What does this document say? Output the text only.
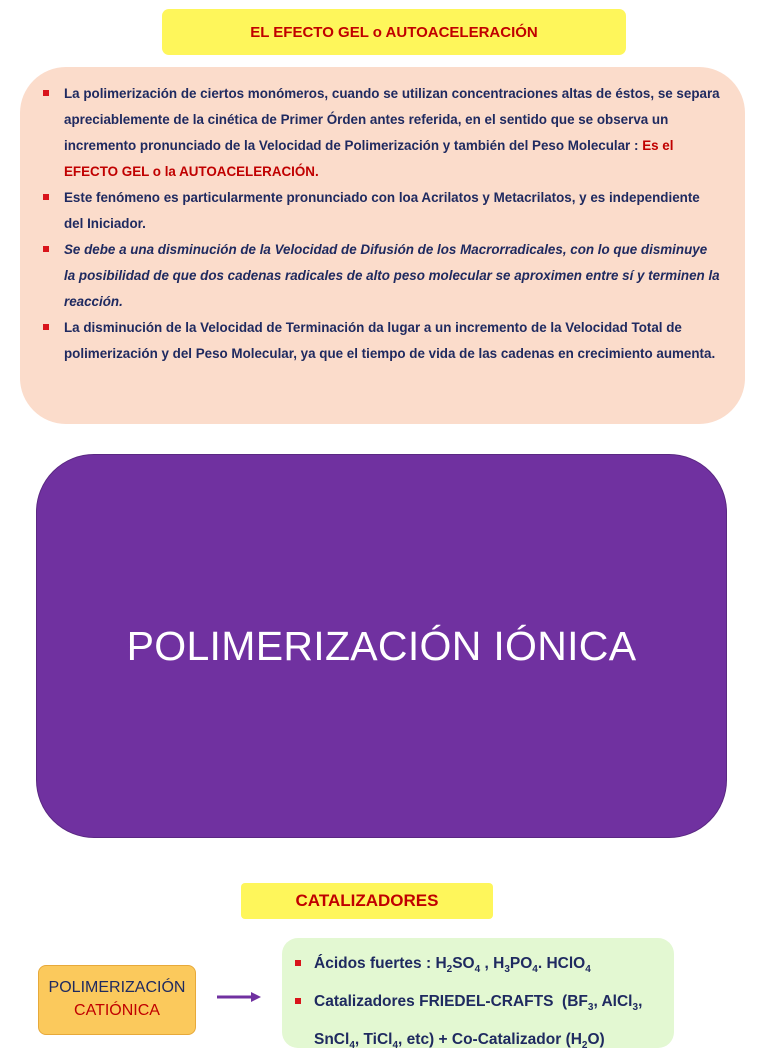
EL EFECTO GEL o AUTOACELERACIÓN
La polimerización de ciertos monómeros, cuando se utilizan concentraciones altas de éstos, se separa apreciablemente de la cinética de Primer Órden antes referida, en el sentido que se observa un incremento pronunciado de la Velocidad de Polimerización y también del Peso Molecular : Es el EFECTO GEL o la AUTOACELERACIÓN.
Este fenómeno es particularmente pronunciado con loa Acrilatos y Metacrilatos, y es independiente del Iniciador.
Se debe a una disminución de la Velocidad de Difusión de los Macrorradicales, con lo que disminuye la posibilidad de que dos cadenas radicales de alto peso molecular se aproximen entre sí y terminen la reacción.
La disminución de la Velocidad de Terminación da lugar a un incremento de la Velocidad Total de polimerización y del Peso Molecular, ya que el tiempo de vida de las cadenas en crecimiento aumenta.
POLIMERIZACIÓN IÓNICA
CATALIZADORES
POLIMERIZACIÓN
CATIÓNICA
Ácidos fuertes : $H_2SO_4$ , $H_3PO_4$. HClO$_4$
Catalizadores FRIEDEL-CRAFTS  ($BF_3$, AlCl$_3$,
SnCl$_4$, TiCl$_4$, etc) + Co-Catalizador $(H_2O)$
